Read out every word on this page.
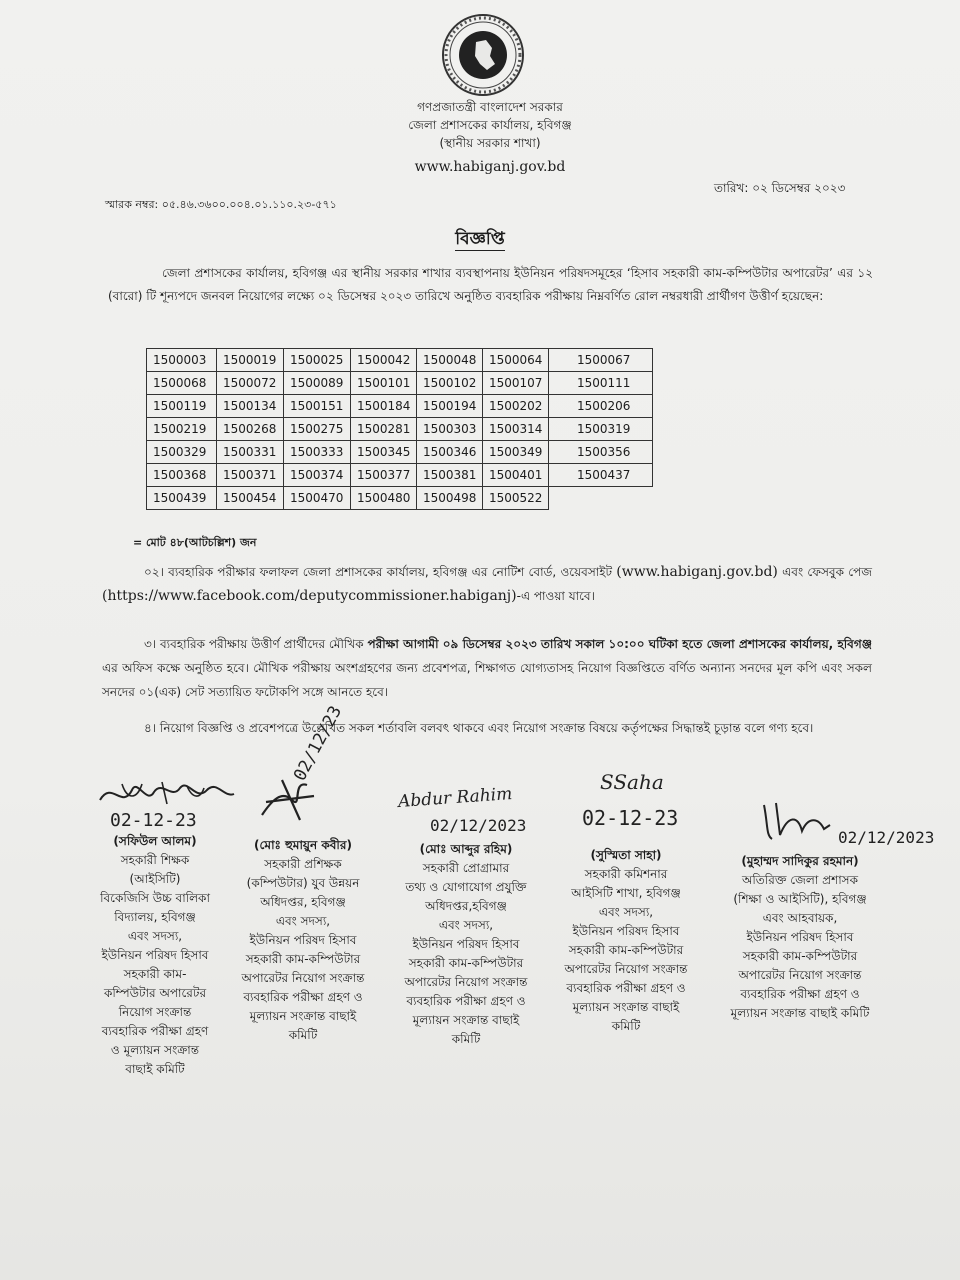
গণপ্রজাতন্ত্রী বাংলাদেশ সরকার
জেলা প্রশাসকের কার্যালয়, হবিগঞ্জ
(স্থানীয় সরকার শাখা)
www.habiganj.gov.bd
তারিখ: ০২ ডিসেম্বর ২০২৩
স্মারক নম্বর: ০৫.৪৬.৩৬০০.০০৪.০১.১১০.২৩-৫৭১
বিজ্ঞপ্তি
জেলা প্রশাসকের কার্যালয়, হবিগঞ্জ এর স্থানীয় সরকার শাখার ব্যবস্থাপনায় ইউনিয়ন পরিষদসমূহের ‘হিসাব সহকারী কাম-কম্পিউটার অপারেটর’ এর ১২ (বারো) টি শূন্যপদে জনবল নিয়োগের লক্ষ্যে ০২ ডিসেম্বর ২০২৩ তারিখে অনুষ্ঠিত ব্যবহারিক পরীক্ষায় নিম্নবর্ণিত রোল নম্বরধারী প্রার্থীগণ উত্তীর্ণ হয়েছেন:
1500003	1500019	1500025	1500042	1500048	1500064	1500067
1500068	1500072	1500089	1500101	1500102	1500107	1500111
1500119	1500134	1500151	1500184	1500194	1500202	1500206
1500219	1500268	1500275	1500281	1500303	1500314	1500319
1500329	1500331	1500333	1500345	1500346	1500349	1500356
1500368	1500371	1500374	1500377	1500381	1500401	1500437
1500439	1500454	1500470	1500480	1500498	1500522	
= মোট ৪৮(আটচল্লিশ) জন
০২। ব্যবহারিক পরীক্ষার ফলাফল জেলা প্রশাসকের কার্যালয়, হবিগঞ্জ এর নোটিশ বোর্ড, ওয়েবসাইট (www.habiganj.gov.bd) এবং ফেসবুক পেজ (https://www.facebook.com/deputycommissioner.habiganj)-এ পাওয়া যাবে।
৩। ব্যবহারিক পরীক্ষায় উত্তীর্ণ প্রার্থীদের মৌখিক পরীক্ষা আগামী ০৯ ডিসেম্বর ২০২৩ তারিখ সকাল ১০:০০ ঘটিকা হতে জেলা প্রশাসকের কার্যালয়, হবিগঞ্জ এর অফিস কক্ষে অনুষ্ঠিত হবে। মৌখিক পরীক্ষায় অংশগ্রহণের জন্য প্রবেশপত্র, শিক্ষাগত যোগ্যতাসহ নিয়োগ বিজ্ঞপ্তিতে বর্ণিত অন্যান্য সনদের মূল কপি এবং সকল সনদের ০১(এক) সেট সত্যায়িত ফটোকপি সঙ্গে আনতে হবে।
৪। নিয়োগ বিজ্ঞপ্তি ও প্রবেশপত্রে উল্লেখিত সকল শর্তাবলি বলবৎ থাকবে এবং নিয়োগ সংক্রান্ত বিষয়ে কর্তৃপক্ষের সিদ্ধান্তই চূড়ান্ত বলে গণ্য হবে।
02-12-23
02/12/23
Abdur Rahim
02/12/2023
SSaha
02-12-23
02/12/2023
(সফিউল আলম)
সহকারী শিক্ষক
(আইসিটি)
বিকেজিসি উচ্চ বালিকা
বিদ্যালয়, হবিগঞ্জ
এবং সদস্য,
ইউনিয়ন পরিষদ হিসাব
সহকারী কাম-
কম্পিউটার অপারেটর
নিয়োগ সংক্রান্ত
ব্যবহারিক পরীক্ষা গ্রহণ
ও মূল্যায়ন সংক্রান্ত
বাছাই কমিটি
(মোঃ হুমায়ুন কবীর)
সহকারী প্রশিক্ষক
(কম্পিউটার) যুব উন্নয়ন
অধিদপ্তর, হবিগঞ্জ
এবং সদস্য,
ইউনিয়ন পরিষদ হিসাব
সহকারী কাম-কম্পিউটার
অপারেটর নিয়োগ সংক্রান্ত
ব্যবহারিক পরীক্ষা গ্রহণ ও
মূল্যায়ন সংক্রান্ত বাছাই
কমিটি
(মোঃ আব্দুর রহিম)
সহকারী প্রোগ্রামার
তথ্য ও যোগাযোগ প্রযুক্তি
অধিদপ্তর,হবিগঞ্জ
এবং সদস্য,
ইউনিয়ন পরিষদ হিসাব
সহকারী কাম-কম্পিউটার
অপারেটর নিয়োগ সংক্রান্ত
ব্যবহারিক পরীক্ষা গ্রহণ ও
মূল্যায়ন সংক্রান্ত বাছাই
কমিটি
(সুস্মিতা সাহা)
সহকারী কমিশনার
আইসিটি শাখা, হবিগঞ্জ
এবং সদস্য,
ইউনিয়ন পরিষদ হিসাব
সহকারী কাম-কম্পিউটার
অপারেটর নিয়োগ সংক্রান্ত
ব্যবহারিক পরীক্ষা গ্রহণ ও
মূল্যায়ন সংক্রান্ত বাছাই
কমিটি
(মুহাম্মদ সাদিকুর রহমান)
অতিরিক্ত জেলা প্রশাসক
(শিক্ষা ও আইসিটি), হবিগঞ্জ
এবং আহবায়ক,
ইউনিয়ন পরিষদ হিসাব
সহকারী কাম-কম্পিউটার
অপারেটর নিয়োগ সংক্রান্ত
ব্যবহারিক পরীক্ষা গ্রহণ ও
মূল্যায়ন সংক্রান্ত বাছাই কমিটি
